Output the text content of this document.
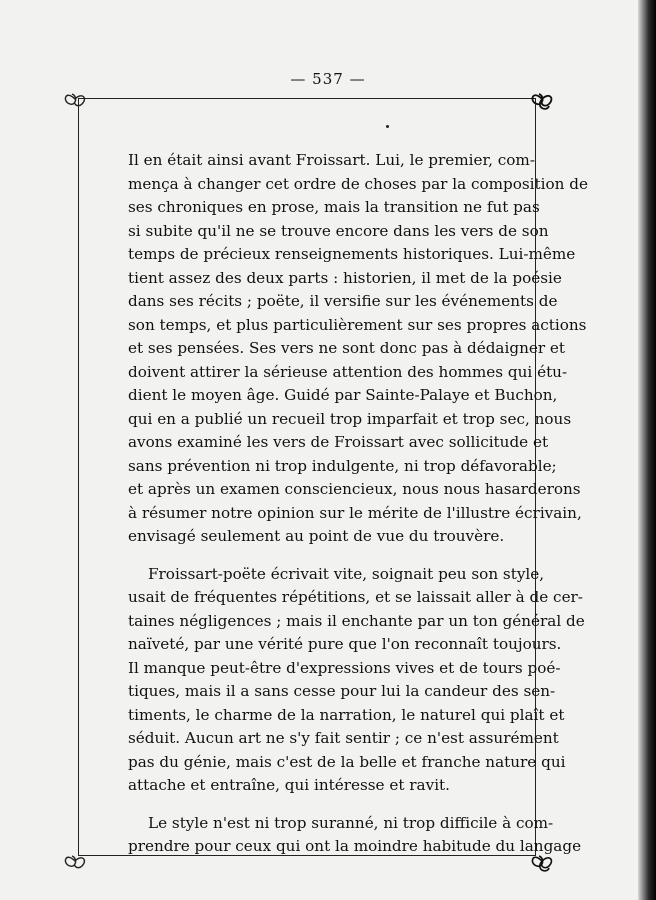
— 537 —

Il en était ainsi avant Froissart. Lui, le premier, com-
mença à changer cet ordre de choses par la composition de
ses chroniques en prose, mais la transition ne fut pas
si subite qu'il ne se trouve encore dans les vers de son
temps de précieux renseignements historiques. Lui-même
tient assez des deux parts : historien, il met de la poésie
dans ses récits ; poëte, il versifie sur les événements de
son temps, et plus particulièrement sur ses propres actions
et ses pensées. Ses vers ne sont donc pas à dédaigner et
doivent attirer la sérieuse attention des hommes qui étu-
dient le moyen âge. Guidé par Sainte-Palaye et Buchon,
qui en a publié un recueil trop imparfait et trop sec, nous
avons examiné les vers de Froissart avec sollicitude et
sans prévention ni trop indulgente, ni trop défavorable;
et après un examen consciencieux, nous nous hasarderons
à résumer notre opinion sur le mérite de l'illustre écrivain,
envisagé seulement au point de vue du trouvère.

Froissart-poëte écrivait vite, soignait peu son style,
usait de fréquentes répétitions, et se laissait aller à de cer-
taines négligences ; mais il enchante par un ton général de
naïveté, par une vérité pure que l'on reconnaît toujours.
Il manque peut-être d'expressions vives et de tours poé-
tiques, mais il a sans cesse pour lui la candeur des sen-
timents, le charme de la narration, le naturel qui plaît et
séduit. Aucun art ne s'y fait sentir ; ce n'est assurément
pas du génie, mais c'est de la belle et franche nature qui
attache et entraîne, qui intéresse et ravit.

Le style n'est ni trop suranné, ni trop difficile à com-
prendre pour ceux qui ont la moindre habitude du langage
